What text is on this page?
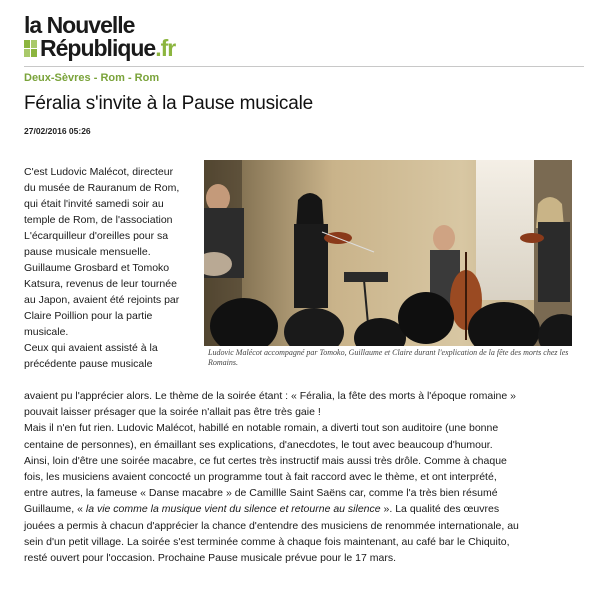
la Nouvelle
République.fr
Deux-Sèvres - Rom - Rom
Féralia s'invite à la Pause musicale
27/02/2016 05:26
Ludovic Malécot accompagné par Tomoko, Guillaume et Claire durant l'explication de la fête des morts chez les Romains.

C'est Ludovic Malécot, directeur

du musée de Rauranum de Rom,

qui était l'invité samedi soir au

temple de Rom, de l'association

L'écarquilleur d'oreilles pour sa

pause musicale mensuelle.

Guillaume Grosbard et Tomoko

Katsura, revenus de leur tournée

au Japon, avaient été rejoints par

Claire Poillion pour la partie

musicale.

Ceux qui avaient assisté à la

précédente pause musicale

avaient pu l'apprécier alors. Le thème de la soirée étant : « Féralia, la fête des morts à l'époque romaine »

pouvait laisser présager que la soirée n'allait pas être très gaie !

Mais il n'en fut rien. Ludovic Malécot, habillé en notable romain, a diverti tout son auditoire (une bonne

centaine de personnes), en émaillant ses explications, d'anecdotes, le tout avec beaucoup d'humour.

Ainsi, loin d'être une soirée macabre, ce fut certes très instructif mais aussi très drôle. Comme à chaque

fois, les musiciens avaient concocté un programme tout à fait raccord avec le thème, et ont interprété,

entre autres, la fameuse « Danse macabre » de Camillle Saint Saëns car, comme l'a très bien résumé

Guillaume, « la vie comme la musique vient du silence et retourne au silence ». La qualité des œuvres

jouées a permis à chacun d'apprécier la chance d'entendre des musiciens de renommée internationale, au

sein d'un petit village. La soirée s'est terminée comme à chaque fois maintenant, au café bar le Chiquito,

resté ouvert pour l'occasion. Prochaine Pause musicale prévue pour le 17 mars.
